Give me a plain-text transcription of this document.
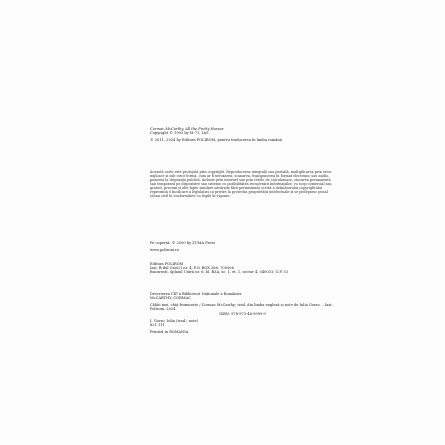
Cormac McCarthy, All the Pretty Horses
Copyright © 1992 by M-71, Ltd.
© 2011, 2024 by Editura POLIROM, pentru traducerea în limba română
Această carte este protejată prin copyright. Reproducerea integrală sau parțială, multiplicarea prin orice mijloace și sub orice formă, cum ar fi xeroxarea, scanarea, transpunerea în format electronic sau audio, punerea la dispoziția publică, inclusiv prin internet sau prin rețele de calculatoare, stocarea permanentă sau temporară pe dispozitive sau sisteme cu posibilitatea recuperării informațiilor, cu scop comercial sau gratuit, precum și alte fapte similare săvârșite fără permisiunea scrisă a deținătorului copyrightului reprezintă o încălcare a legislației cu privire la protecția proprietății intelectuale și se pedepsesc penal și/sau civil în conformitate cu legile în vigoare.
Pe copertă: © 2000 by ZUMA Press
www.polirom.ro
Editura POLIROM
Iași, B-dul Carol I nr. 4; P.O. BOX 266, 700506
București, Splaiul Unirii nr. 6, bl. B3A, sc. 1, et. 1, sector 4, 040031, O.P. 53
Descrierea CIP a Bibliotecii Naționale a României:
McCARTHY, CORMAC
Câlăii mei, câtă frumusețe / Cormac McCarthy; trad. din limba engleză și note de Iulia Gorzo. – Iași: Polirom, 2024
ISBN: 978-973-46-9999-9
I. Gorzo, Iulia (trad.; note)
821.111
Printed in ROMANIA
